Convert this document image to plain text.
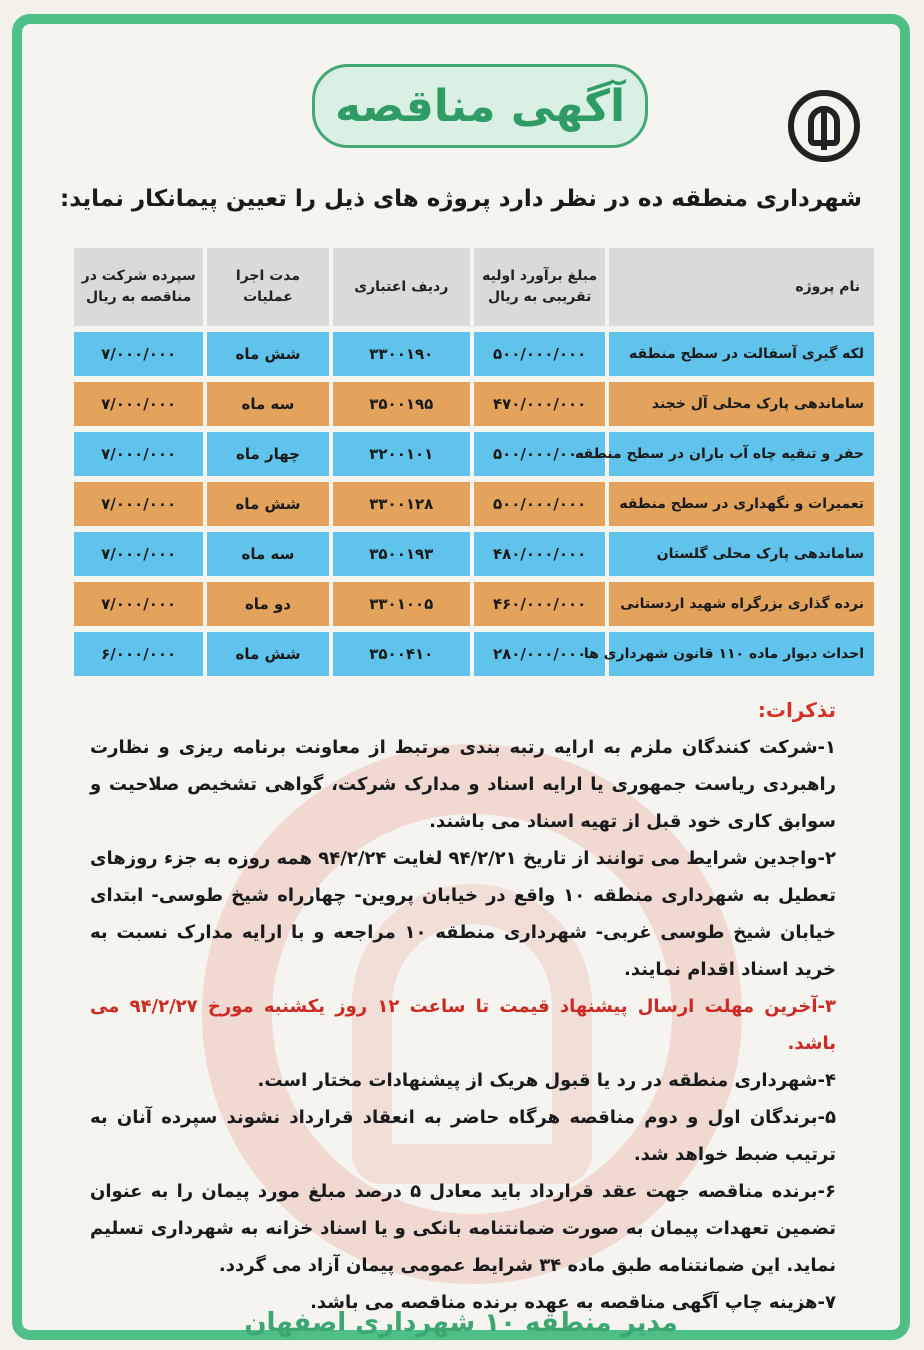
آگهی مناقصه
شهرداری منطقه ده در نظر دارد پروژه های ذیل را تعیین پیمانکار نماید:
نام پروژه	مبلغ برآورد اولیه تقریبی به ریال	ردیف اعتباری	مدت اجرا عملیات	سپرده شرکت در مناقصه به ریال
لکه گیری آسفالت در سطح منطقه	۵۰۰/۰۰۰/۰۰۰	۳۳۰۰۱۹۰	شش ماه	۷/۰۰۰/۰۰۰
ساماندهی پارک محلی آل خجند	۴۷۰/۰۰۰/۰۰۰	۳۵۰۰۱۹۵	سه ماه	۷/۰۰۰/۰۰۰
حفر و تنقیه چاه آب باران در سطح منطقه	۵۰۰/۰۰۰/۰۰۰	۳۲۰۰۱۰۱	چهار ماه	۷/۰۰۰/۰۰۰
تعمیرات و نگهداری در سطح منطقه	۵۰۰/۰۰۰/۰۰۰	۳۳۰۰۱۲۸	شش ماه	۷/۰۰۰/۰۰۰
ساماندهی پارک محلی گلستان	۴۸۰/۰۰۰/۰۰۰	۳۵۰۰۱۹۳	سه ماه	۷/۰۰۰/۰۰۰
نرده گذاری بزرگراه شهید اردستانی	۴۶۰/۰۰۰/۰۰۰	۳۳۰۱۰۰۵	دو ماه	۷/۰۰۰/۰۰۰
احداث دیوار ماده ۱۱۰ قانون شهرداری ها	۲۸۰/۰۰۰/۰۰۰	۳۵۰۰۴۱۰	شش ماه	۶/۰۰۰/۰۰۰

تذکرات:

۱-شرکت کنندگان ملزم به ارایه رتبه بندی مرتبط از معاونت برنامه ریزی و نظارت راهبردی ریاست جمهوری یا ارایه اسناد و مدارک شرکت، گواهی تشخیص صلاحیت و سوابق کاری خود قبل از تهیه اسناد می باشند.

۲-واجدین شرایط می توانند از تاریخ ۹۴/۲/۲۱ لغایت ۹۴/۲/۲۴ همه روزه به جزء روزهای تعطیل به شهرداری منطقه ۱۰ واقع در خیابان پروین- چهارراه شیخ طوسی- ابتدای خیابان شیخ طوسی غربی- شهرداری منطقه ۱۰ مراجعه و با ارایه مدارک نسبت به خرید اسناد اقدام نمایند.

۳-آخرین مهلت ارسال پیشنهاد قیمت تا ساعت ۱۲ روز یکشنبه مورخ ۹۴/۲/۲۷ می باشد.

۴-شهرداری منطقه در رد یا قبول هریک از پیشنهادات مختار است.

۵-برندگان اول و دوم مناقصه هرگاه حاضر به انعقاد قرارداد نشوند سپرده آنان به ترتیب ضبط خواهد شد.

۶-برنده مناقصه جهت عقد قرارداد باید معادل ۵ درصد مبلغ مورد پیمان را به عنوان تضمین تعهدات پیمان به صورت ضمانتنامه بانکی و یا اسناد خزانه به شهرداری تسلیم نماید. این ضمانتنامه طبق ماده ۳۴ شرایط عمومی پیمان آزاد می گردد.

۷-هزینه چاپ آگهی مناقصه به عهده برنده مناقصه می باشد.

مدیر منطقه ۱۰ شهرداری اصفهان
